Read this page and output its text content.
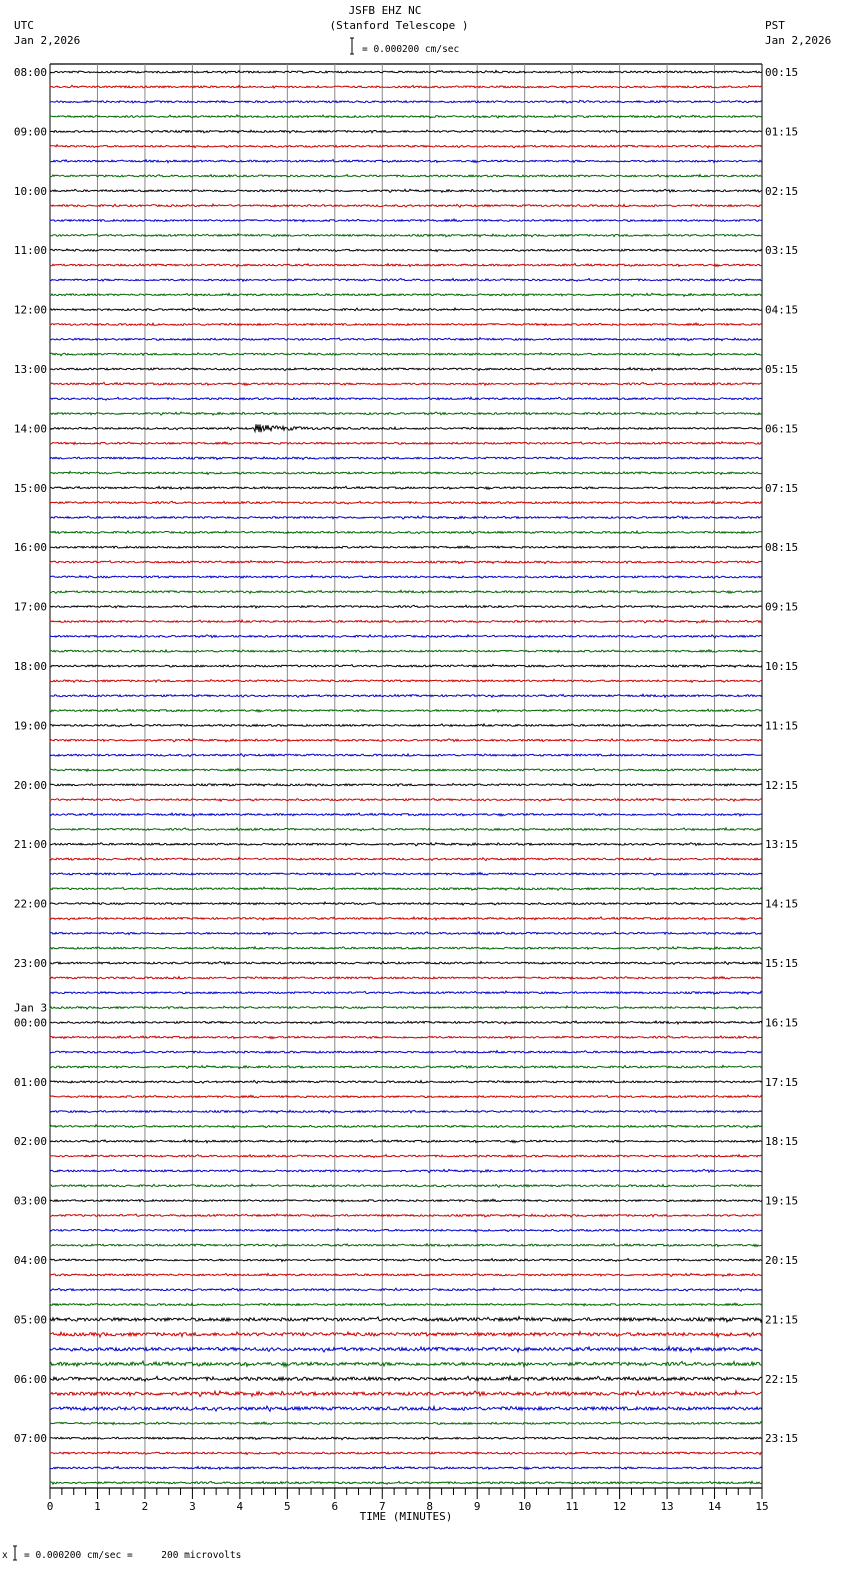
JSFB EHZ NC
(Stanford Telescope )
UTC
Jan 2,2026
PST
Jan 2,2026
= 0.000200 cm/sec
08:00
09:00
10:00
11:00
12:00
13:00
14:00
15:00
16:00
17:00
18:00
19:00
20:00
21:00
22:00
23:00
00:00
01:00
02:00
03:00
04:00
05:00
06:00
07:00
00:15
01:15
02:15
03:15
04:15
05:15
06:15
07:15
08:15
09:15
10:15
11:15
12:15
13:15
14:15
15:15
16:15
17:15
18:15
19:15
20:15
21:15
22:15
23:15
Jan 3
0	1	2	3	4	5	6	7	8	9	10	11	12	13	14	15
TIME (MINUTES)
x = 0.000200 cm/sec =     200 microvolts
